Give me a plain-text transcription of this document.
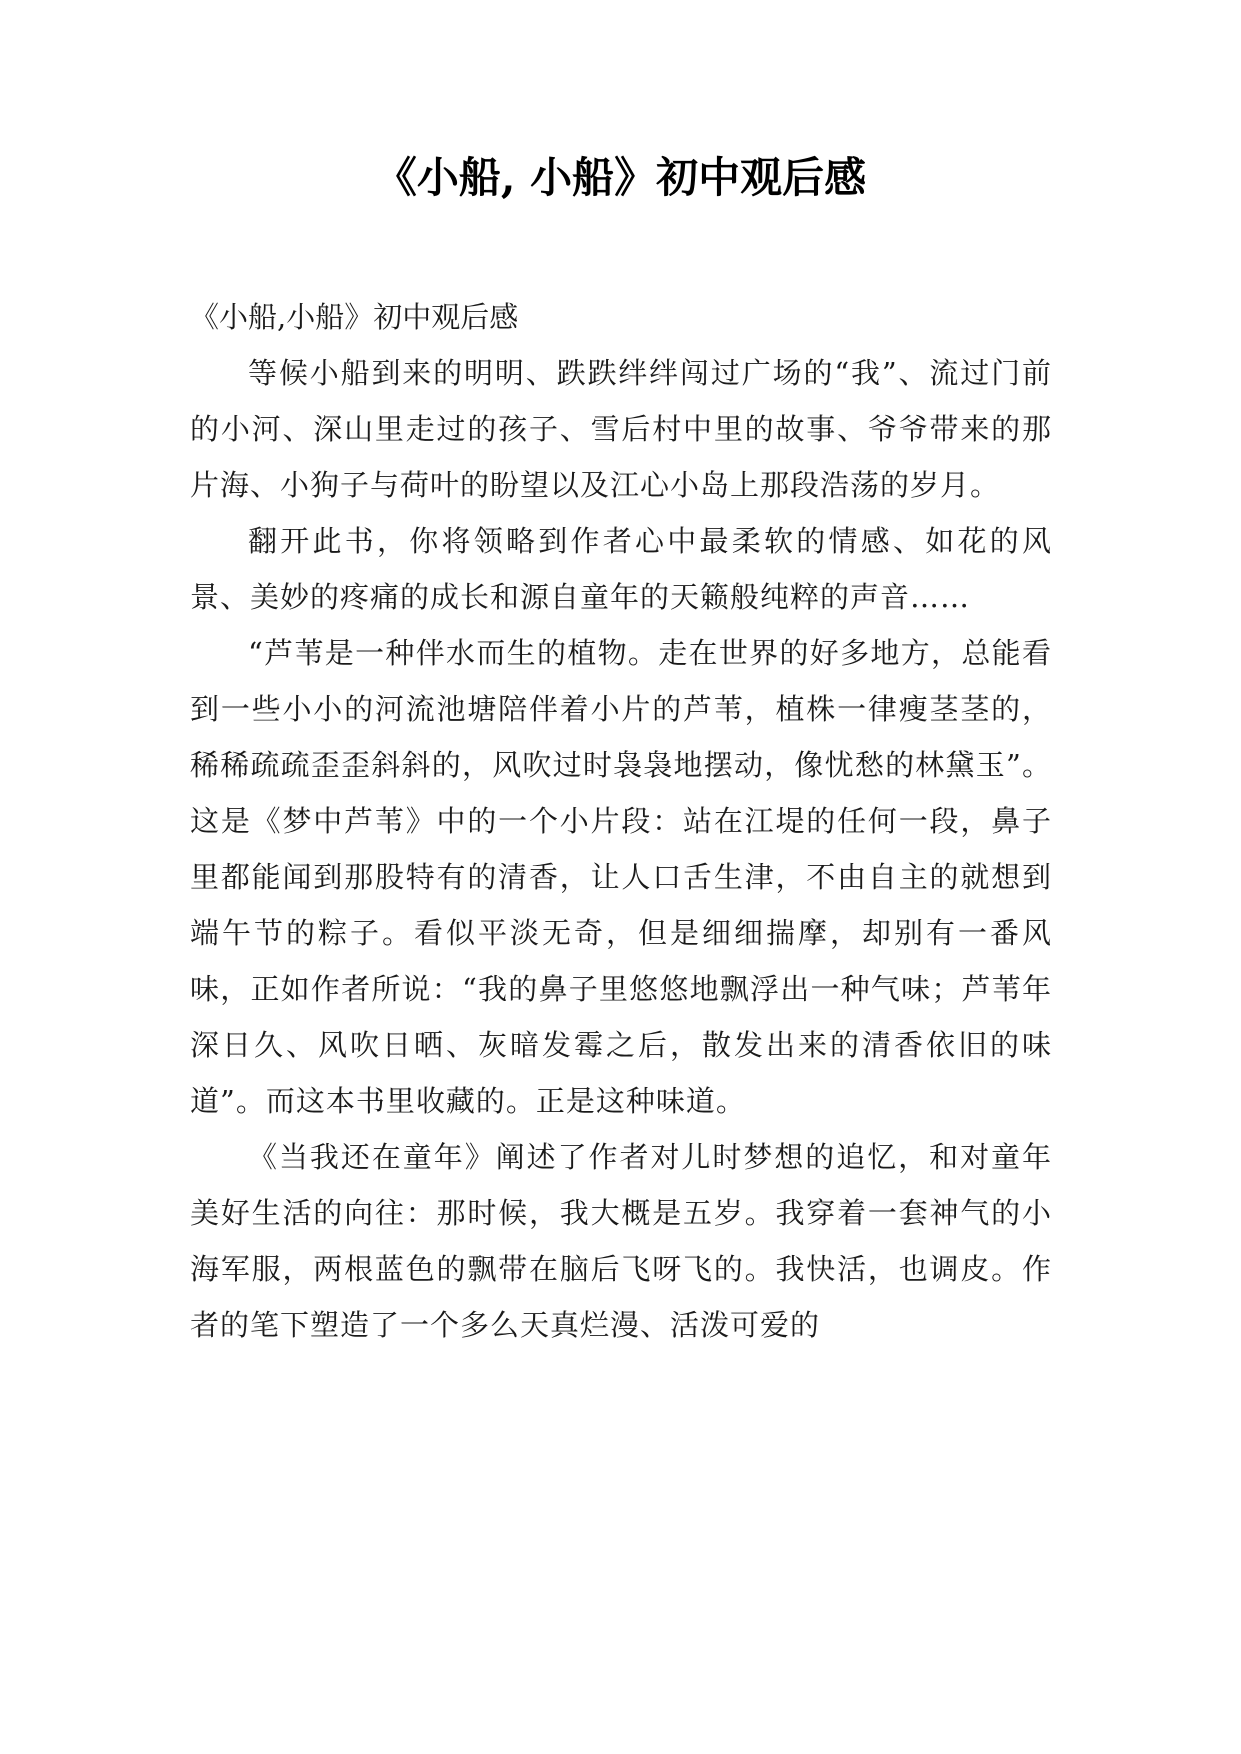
《小船, 小船》初中观后感

《小船,小船》初中观后感

等候小船到来的明明、跌跌绊绊闯过广场的“我”、流过门前的小河、深山里走过的孩子、雪后村中里的故事、爷爷带来的那片海、小狗子与荷叶的盼望以及江心小岛上那段浩荡的岁月。

翻开此书，你将领略到作者心中最柔软的情感、如花的风景、美妙的疼痛的成长和源自童年的天籁般纯粹的声音……

“芦苇是一种伴水而生的植物。走在世界的好多地方，总能看到一些小小的河流池塘陪伴着小片的芦苇，植株一律瘦茎茎的，稀稀疏疏歪歪斜斜的，风吹过时袅袅地摆动，像忧愁的林黛玉”。这是《梦中芦苇》中的一个小片段：站在江堤的任何一段，鼻子里都能闻到那股特有的清香，让人口舌生津，不由自主的就想到端午节的粽子。看似平淡无奇，但是细细揣摩，却别有一番风味，正如作者所说：“我的鼻子里悠悠地飘浮出一种气味；芦苇年深日久、风吹日晒、灰暗发霉之后，散发出来的清香依旧的味道”。而这本书里收藏的。正是这种味道。

《当我还在童年》阐述了作者对儿时梦想的追忆，和对童年美好生活的向往：那时候，我大概是五岁。我穿着一套神气的小海军服，两根蓝色的飘带在脑后飞呀飞的。我快活，也调皮。作者的笔下塑造了一个多么天真烂漫、活泼可爱的
